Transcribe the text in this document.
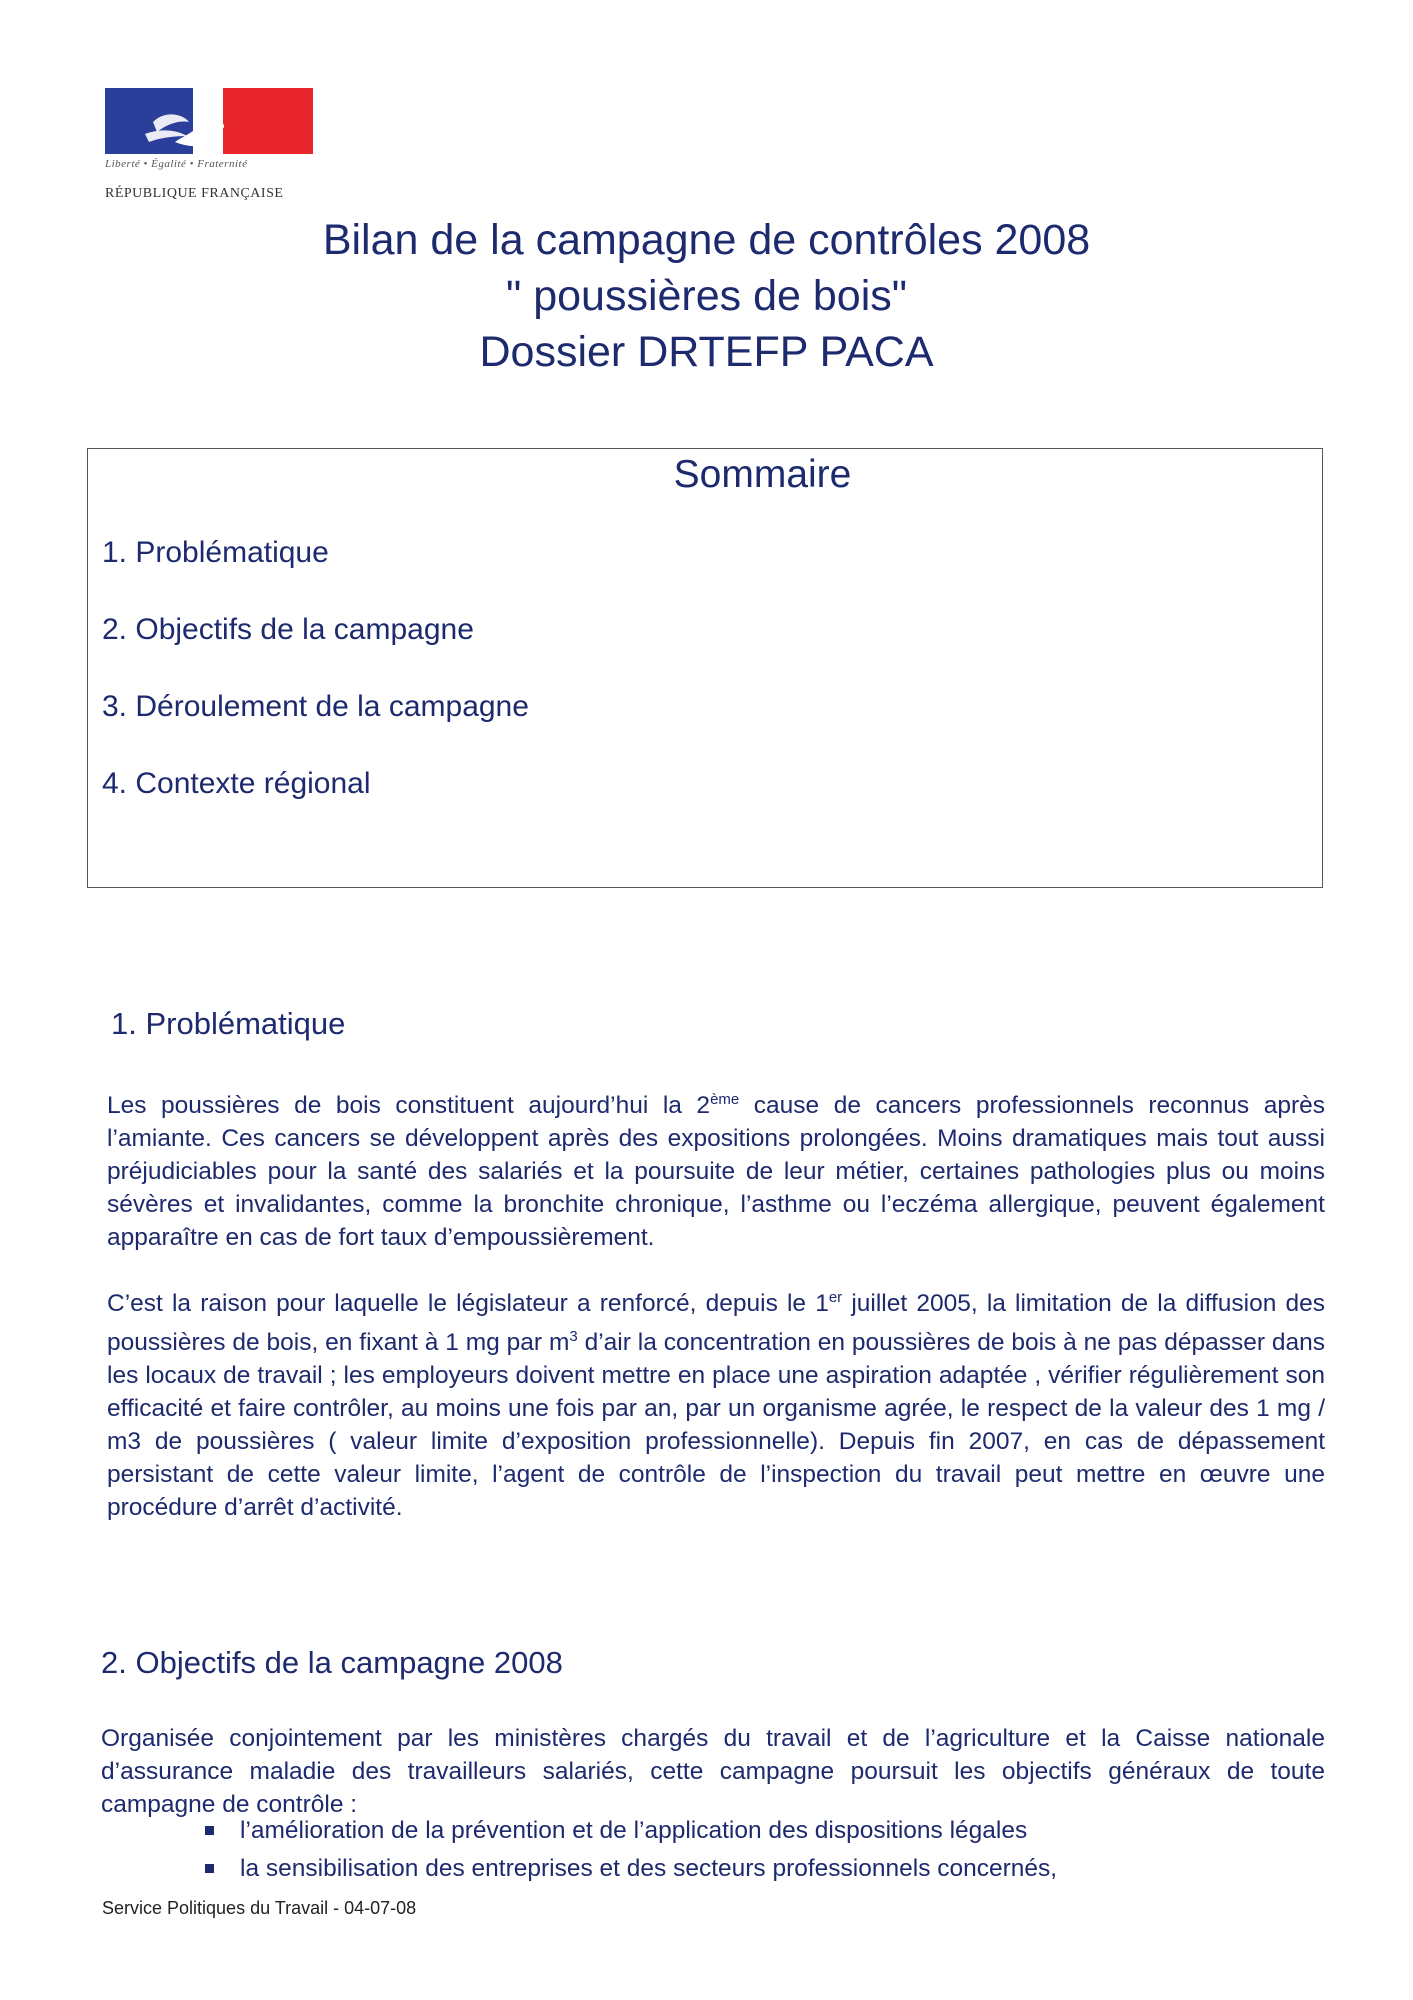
Liberté • Égalité • Fraternité
RÉPUBLIQUE FRANÇAISE
Bilan de la campagne de contrôles 2008
" poussières de bois"
Dossier DRTEFP PACA
Sommaire
1. Problématique
2. Objectifs de la campagne
3. Déroulement de la campagne
4. Contexte régional
1. Problématique
Les poussières de bois constituent aujourd’hui la 2ème cause de cancers professionnels reconnus après l’amiante. Ces cancers se développent après des expositions prolongées. Moins dramatiques mais tout aussi préjudiciables pour la santé des salariés et la poursuite de leur métier, certaines pathologies plus ou moins sévères et invalidantes, comme la bronchite chronique, l’asthme ou l’eczéma allergique, peuvent également apparaître en cas de fort taux d’empoussièrement.
C’est la raison pour laquelle le législateur a renforcé, depuis le 1er juillet 2005, la limitation de la diffusion des poussières de bois, en fixant à 1 mg par $m^3$ d’air la concentration en poussières de bois à ne pas dépasser dans les locaux de travail ; les employeurs doivent mettre en place une aspiration adaptée , vérifier régulièrement son efficacité et faire contrôler, au moins une fois par an, par un organisme agrée, le respect de la valeur des 1 mg / m3 de poussières ( valeur limite d’exposition professionnelle). Depuis fin 2007, en cas de dépassement persistant de cette valeur limite, l’agent de contrôle de l’inspection du travail peut mettre en œuvre une procédure d’arrêt d’activité.
2. Objectifs de la campagne 2008
Organisée conjointement par les ministères chargés du travail et de l’agriculture et la Caisse nationale d’assurance maladie des travailleurs salariés, cette campagne poursuit les objectifs généraux de toute campagne de contrôle :
l’amélioration de la prévention et de l’application des dispositions légales
la sensibilisation des entreprises et des secteurs professionnels concernés,
Service Politiques du Travail - 04-07-08
